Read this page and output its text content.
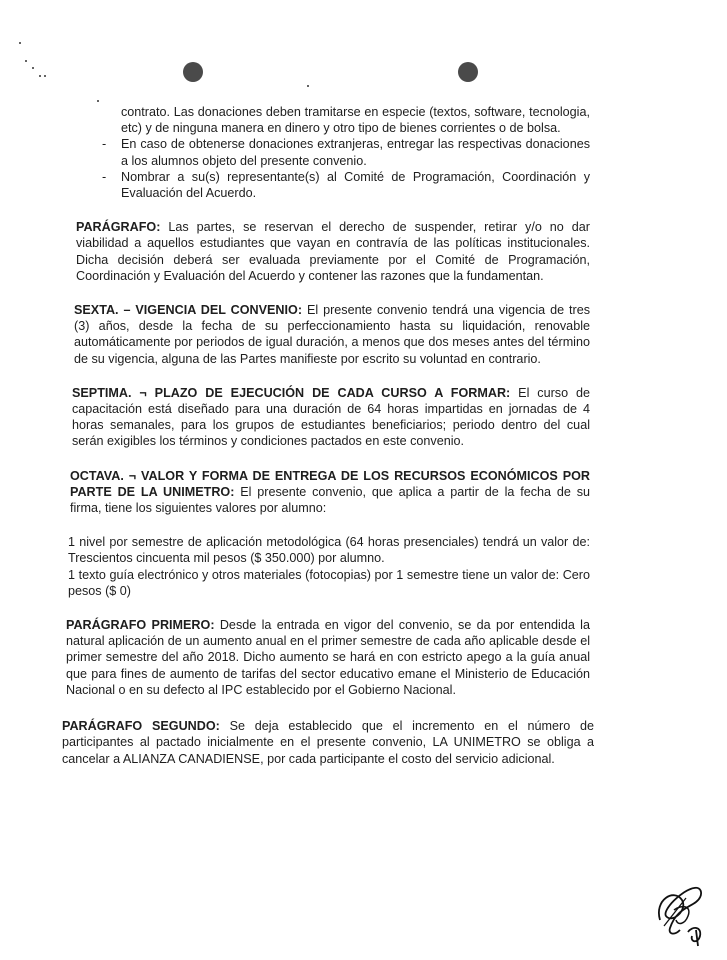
contrato. Las donaciones deben tramitarse en especie (textos, software, tecnologia, etc) y de ninguna manera en dinero y otro tipo de bienes corrientes o de bolsa.
- En caso de obtenerse donaciones extranjeras, entregar las respectivas donaciones a los alumnos objeto del presente convenio.
- Nombrar a su(s) representante(s) al Comité de Programación, Coordinación y Evaluación del Acuerdo.

PARÁGRAFO: Las partes, se reservan el derecho de suspender, retirar y/o no dar viabilidad a aquellos estudiantes que vayan en contravía de las políticas institucionales. Dicha decisión deberá ser evaluada previamente por el Comité de Programación, Coordinación y Evaluación del Acuerdo y contener las razones que la fundamentan.

SEXTA. – VIGENCIA DEL CONVENIO: El presente convenio tendrá una vigencia de tres (3) años, desde la fecha de su perfeccionamiento hasta su liquidación, renovable automáticamente por periodos de igual duración, a menos que dos meses antes del término de su vigencia, alguna de las Partes manifieste por escrito su voluntad en contrario.

SEPTIMA. ¬ PLAZO DE EJECUCIÓN DE CADA CURSO A FORMAR: El curso de capacitación está diseñado para una duración de 64 horas impartidas en jornadas de 4 horas semanales, para los grupos de estudiantes beneficiarios; periodo dentro del cual serán exigibles los términos y condiciones pactados en este convenio.

OCTAVA. ¬ VALOR Y FORMA DE ENTREGA DE LOS RECURSOS ECONÓMICOS POR PARTE DE LA UNIMETRO: El presente convenio, que aplica a partir de la fecha de su firma, tiene los siguientes valores por alumno:

1 nivel por semestre de aplicación metodológica (64 horas presenciales) tendrá un valor de: Trescientos cincuenta mil pesos ($ 350.000) por alumno.
1 texto guía electrónico y otros materiales (fotocopias) por 1 semestre tiene un valor de: Cero pesos ($ 0)

PARÁGRAFO PRIMERO: Desde la entrada en vigor del convenio, se da por entendida la natural aplicación de un aumento anual en el primer semestre de cada año aplicable desde el primer semestre del año 2018. Dicho aumento se hará en con estricto apego a la guía anual que para fines de aumento de tarifas del sector educativo emane el Ministerio de Educación Nacional o en su defecto al IPC establecido por el Gobierno Nacional.

PARÁGRAFO SEGUNDO: Se deja establecido que el incremento en el número de participantes al pactado inicialmente en el presente convenio, LA UNIMETRO se obliga a cancelar a ALIANZA CANADIENSE, por cada participante el costo del servicio adicional.
